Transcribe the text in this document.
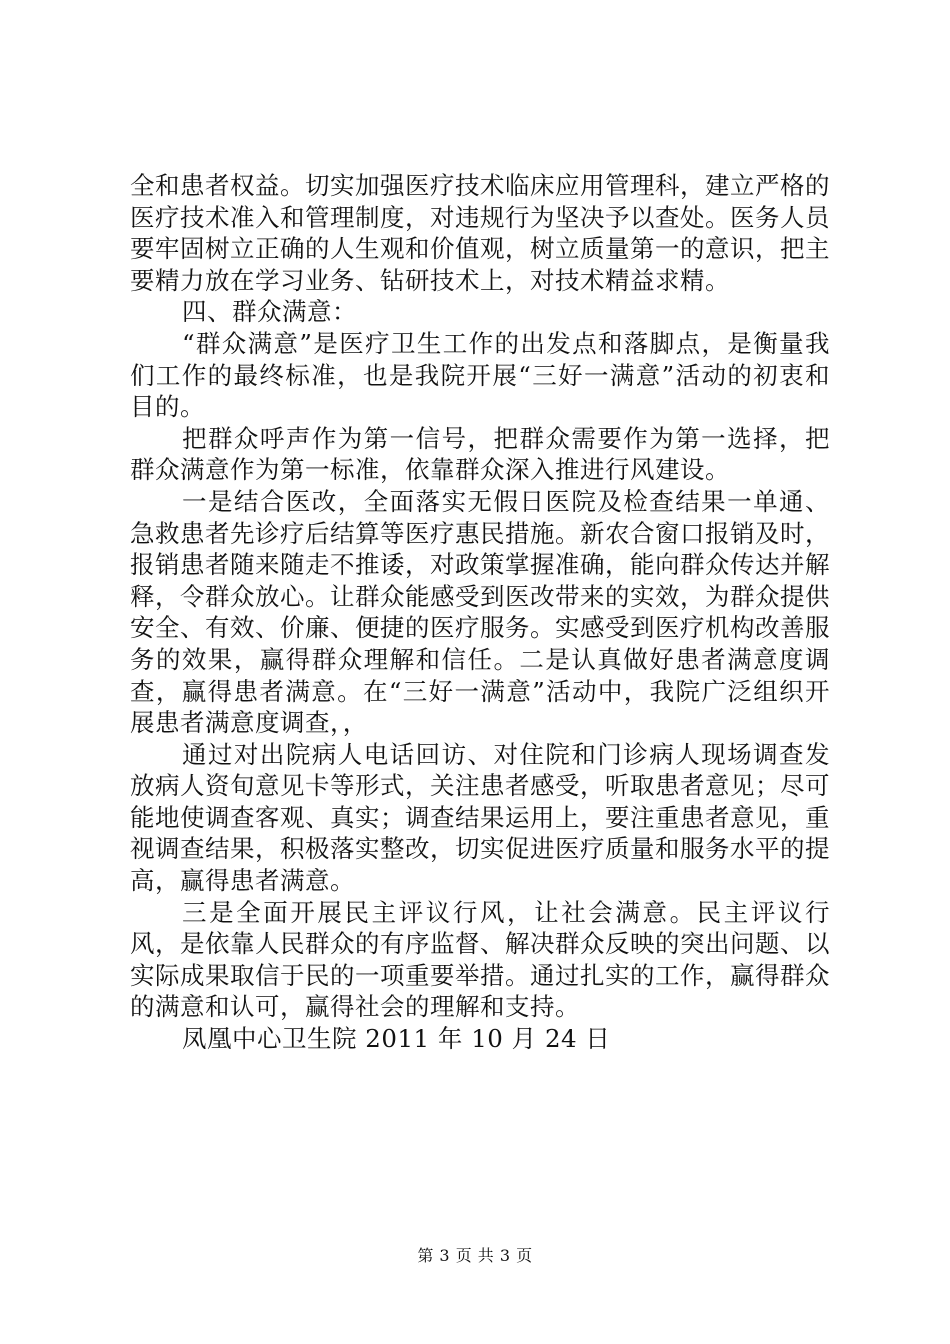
全和患者权益。切实加强医疗技术临床应用管理科，建立严格的医疗技术准入和管理制度，对违规行为坚决予以查处。医务人员要牢固树立正确的人生观和价值观，树立质量第一的意识，把主要精力放在学习业务、钻研技术上，对技术精益求精。

四、群众满意：

“群众满意”是医疗卫生工作的出发点和落脚点，是衡量我们工作的最终标准，也是我院开展“三好一满意”活动的初衷和目的。

把群众呼声作为第一信号，把群众需要作为第一选择，把群众满意作为第一标准，依靠群众深入推进行风建设。

一是结合医改，全面落实无假日医院及检查结果一单通、急救患者先诊疗后结算等医疗惠民措施。新农合窗口报销及时，报销患者随来随走不推诿，对政策掌握准确，能向群众传达并解释，令群众放心。让群众能感受到医改带来的实效，为群众提供安全、有效、价廉、便捷的医疗服务。实感受到医疗机构改善服务的效果，赢得群众理解和信任。二是认真做好患者满意度调查，赢得患者满意。在“三好一满意”活动中，我院广泛组织开展患者满意度调查，，

通过对出院病人电话回访、对住院和门诊病人现场调查发放病人资旬意见卡等形式，关注患者感受，听取患者意见；尽可能地使调查客观、真实；调查结果运用上，要注重患者意见，重视调查结果，积极落实整改，切实促进医疗质量和服务水平的提高，赢得患者满意。

三是全面开展民主评议行风，让社会满意。民主评议行风，是依靠人民群众的有序监督、解决群众反映的突出问题、以实际成果取信于民的一项重要举措。通过扎实的工作，赢得群众的满意和认可，赢得社会的理解和支持。

凤凰中心卫生院 2011 年 10 月 24 日

第 3 页 共 3 页
